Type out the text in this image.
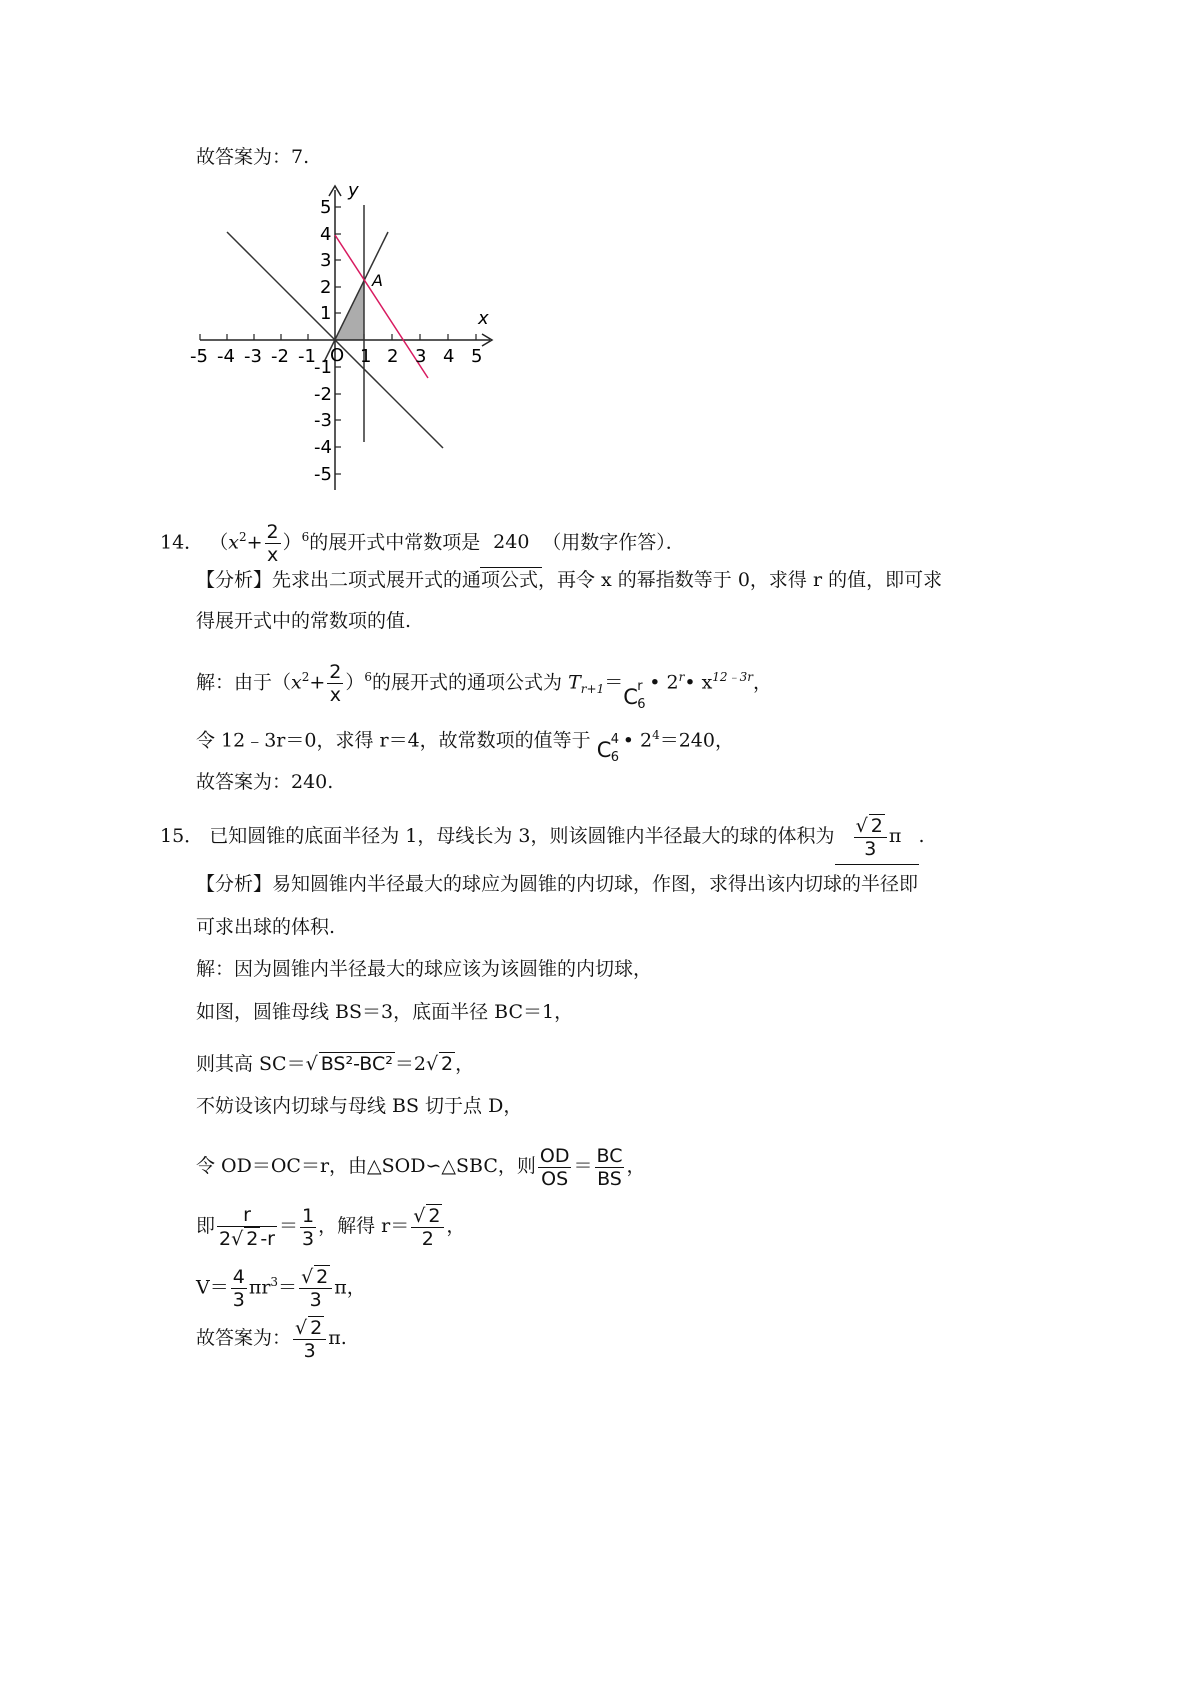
故答案为：7.
y
x
A
O
-5 -4 -3 -2 -1 1 2 3 4 5
5
4
3
2
1
-1
-2
-3
-4
-5
14． $(x^2+ \frac{2}{x} )^6$的展开式中常数项是 240 （用数字作答）．
【分析】先求出二项式展开式的通项公式，再令 x 的幂指数等于 0，求得 r 的值，即可求
得展开式中的常数项的值.
解：由于$(x^2+ \frac{2}{x} )^6$的展开式的通项公式为 $T_{r+1}=$
C r
6
• 2$^r$• $x^{12﹣3r}$，
令 12﹣3r＝0，求得 r＝4，故常数项的值等于 C 4
6
• $2^4=240$，
故答案为：240.
15． 已知圆锥的底面半径为 1，母线长为 3，则该圆锥内半径最大的球的体积为 $\frac{√ 2}{3}$ π .
【分析】易知圆锥内半径最大的球应为圆锥的内切球，作图，求得出该内切球的半径即
可求出球的体积.
解：因为圆锥内半径最大的球应该为该圆锥的内切球，
如图，圆锥母线 BS＝3，底面半径 BC＝1，
则其高 SC＝√ BS²-BC² ＝2√ 2 ，
不妨设该内切球与母线 BS 切于点 D，
令 OD＝OC＝r，由△SOD∽△SBC，则 $\frac{OD}{OS} = \frac{BC}{BS}$ ，
即 $\frac{r}{2√ 2 -r} = \frac{1}{3}$ ，解得 $r= \frac{√ 2}{2}$ ，
$V= \frac{4}{3} \pi r^3= \frac{√ 2}{3}$ π，
故答案为： $\frac{√ 2}{3} \pi$.
